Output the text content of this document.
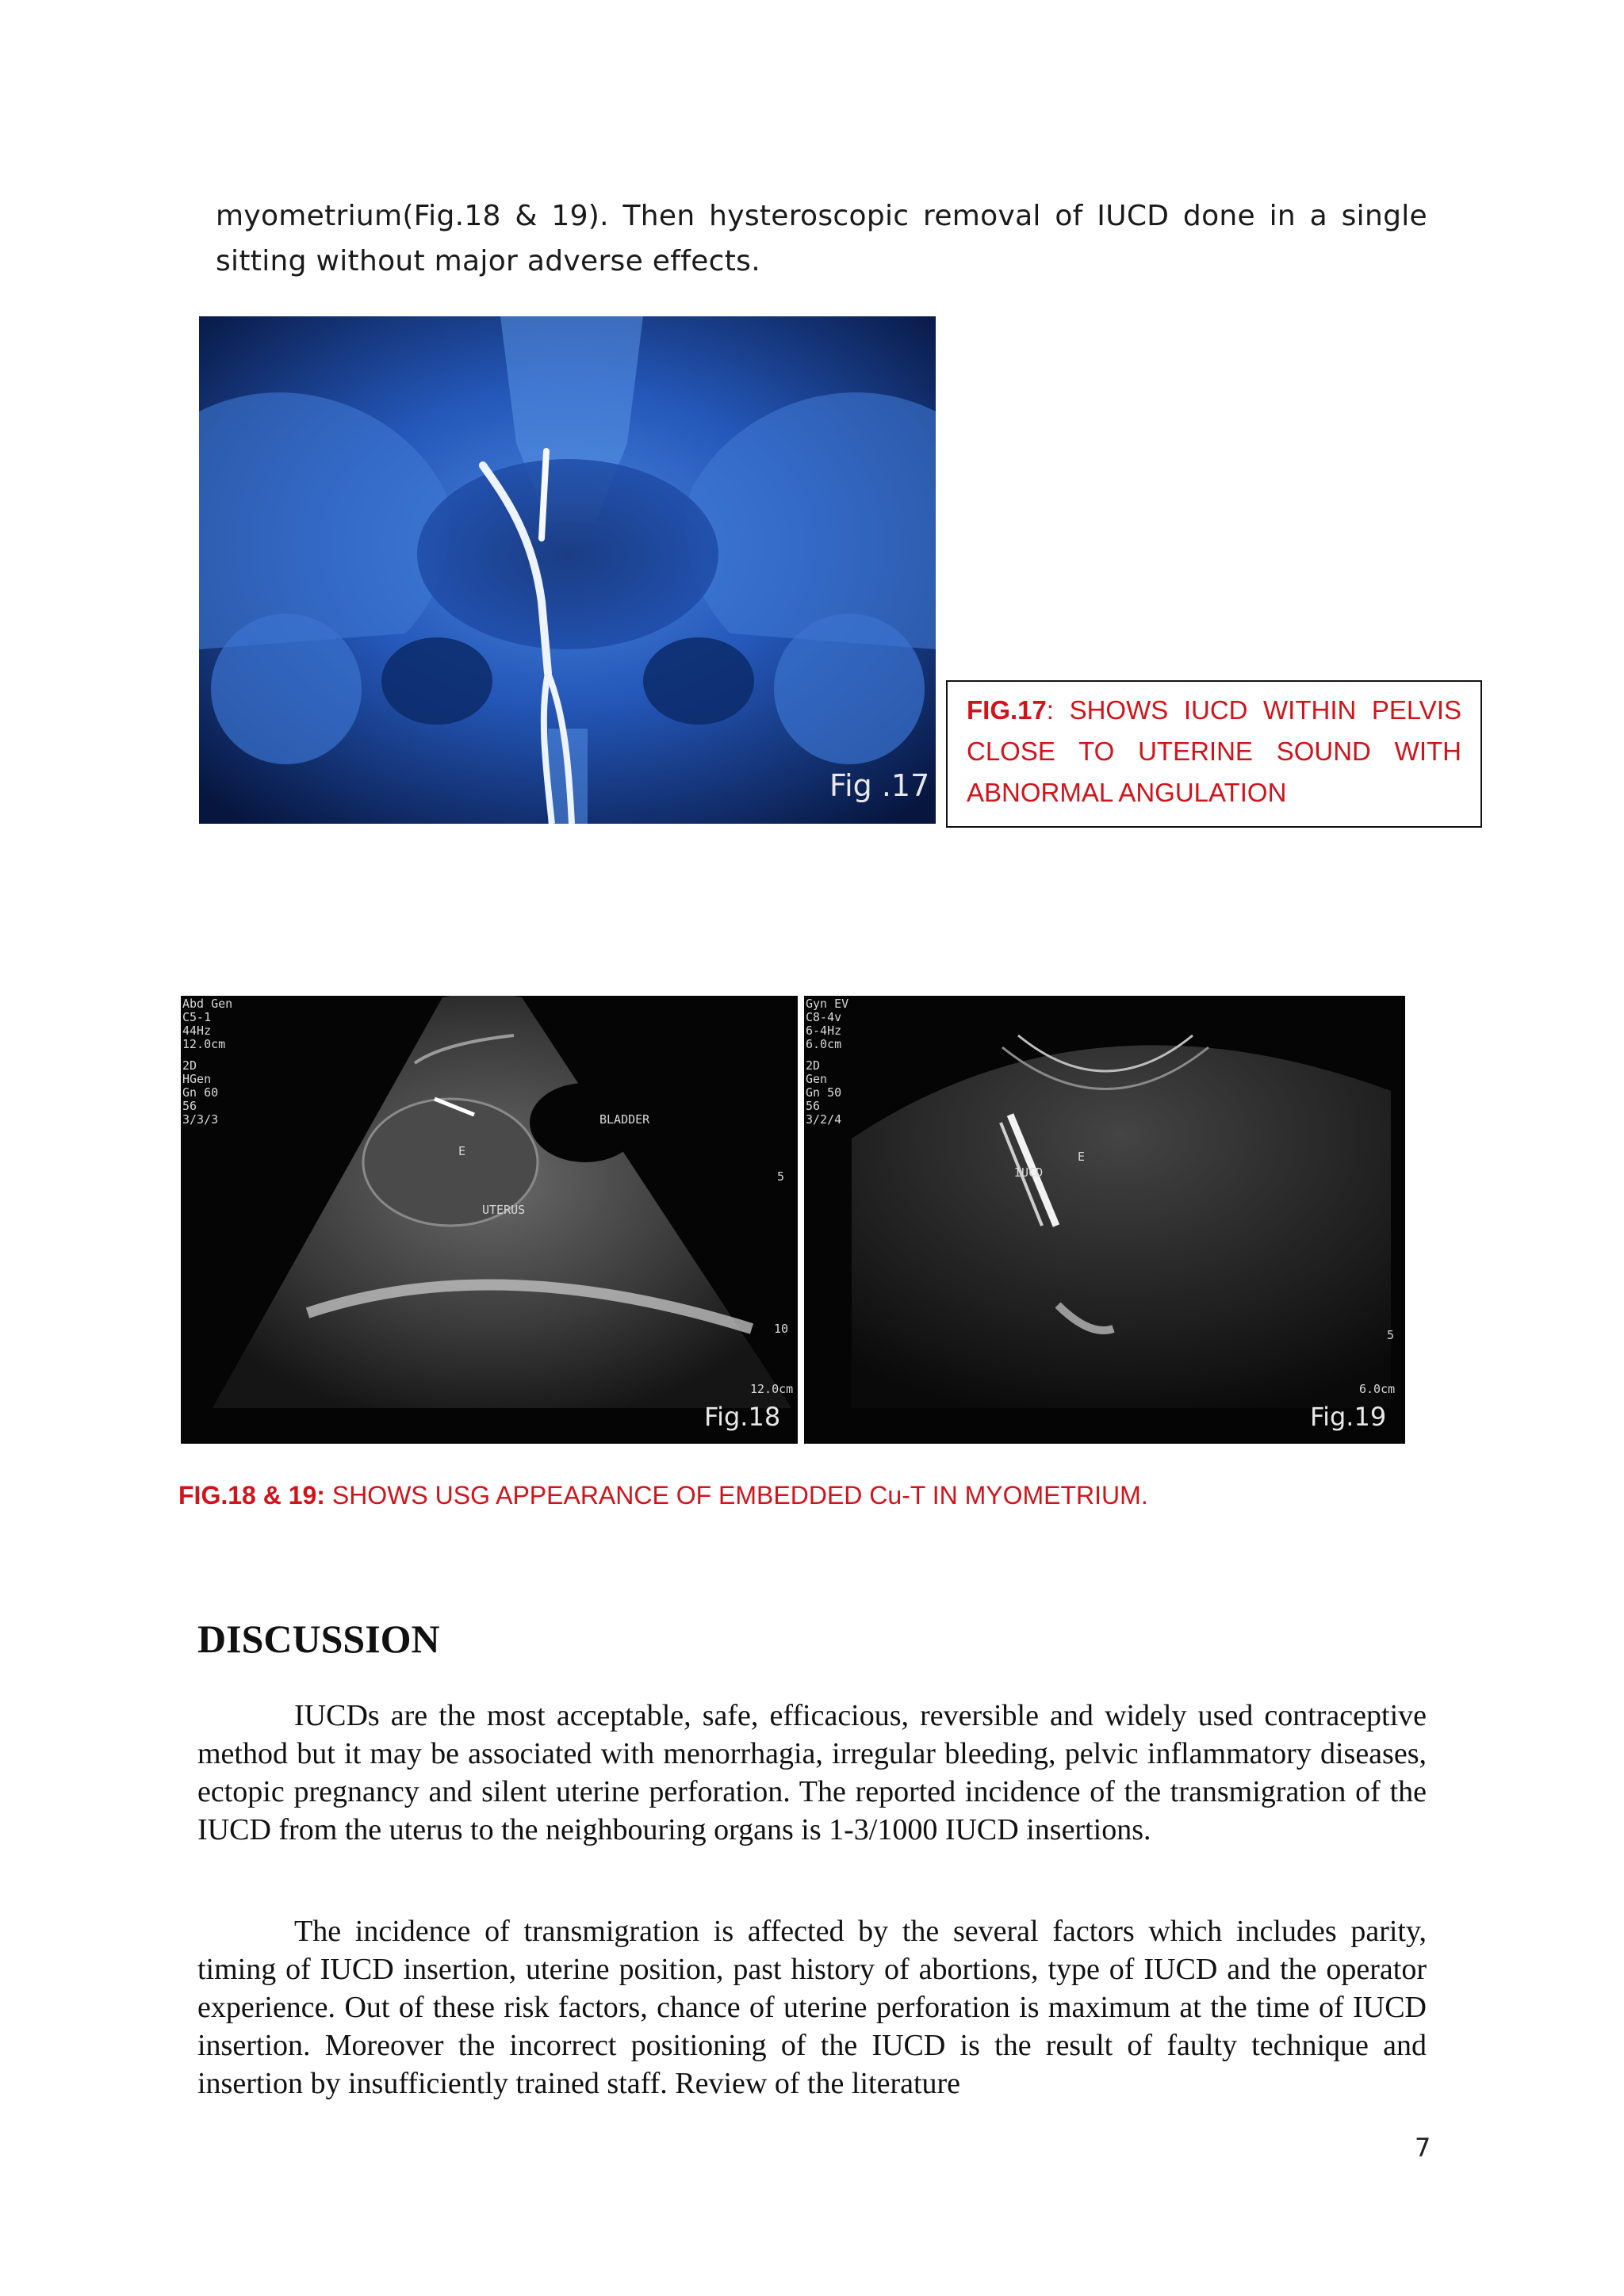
myometrium(Fig.18 & 19). Then hysteroscopic removal of IUCD done in a single sitting without major adverse effects.
Fig .17
FIG.17: SHOWS IUCD WITHIN PELVIS CLOSE TO UTERINE SOUND WITH ABNORMAL ANGULATION
Abd Gen
C5-1
44Hz
12.0cm
2D
HGen
Gn 60
56
3/3/3	BLADDER
UTERUS
E
5
10
12.0cm
Fig.18
Gyn EV
C8-4v
6-4Hz
6.0cm
2D
Gen
Gn 50
56
3/2/4
IUCD
E
5
6.0cm
Fig.19
FIG.18 & 19: SHOWS USG APPEARANCE OF EMBEDDED Cu-T IN MYOMETRIUM.
DISCUSSION
IUCDs are the most acceptable, safe, efficacious, reversible and widely used contraceptive method but it may be associated with menorrhagia, irregular bleeding, pelvic inflammatory diseases, ectopic pregnancy and silent uterine perforation. The reported incidence of the transmigration of the IUCD from the uterus to the neighbouring organs is 1-3/1000 IUCD insertions.
The incidence of transmigration is affected by the several factors which includes parity, timing of IUCD insertion, uterine position, past history of abortions, type of IUCD and the operator experience. Out of these risk factors, chance of uterine perforation is maximum at the time of IUCD insertion. Moreover the incorrect positioning of the IUCD is the result of faulty technique and insertion by insufficiently trained staff. Review of the literature
7
